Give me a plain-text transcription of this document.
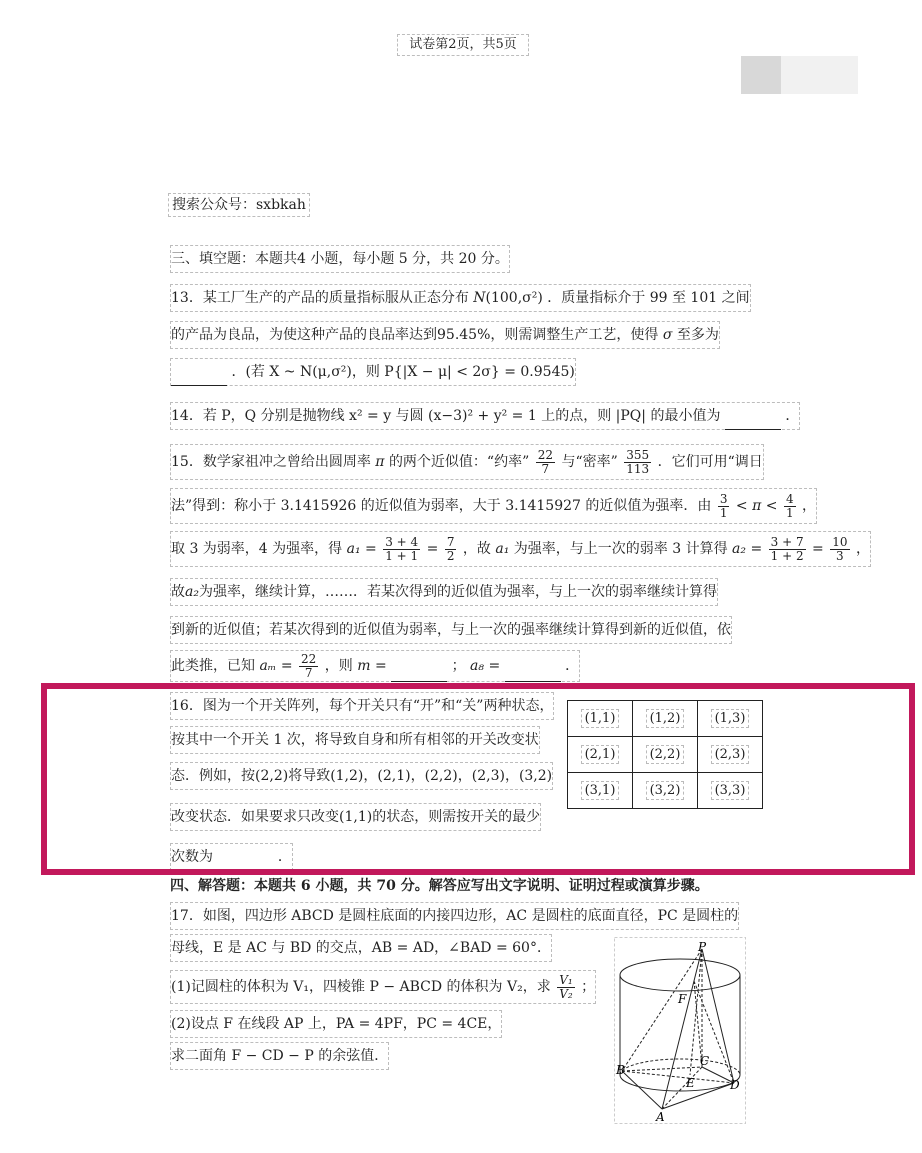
试卷第2页，共5页
搜索公众号：sxbkah
三、填空题：本题共4 小题，每小题 5 分，共 20 分。
13．某工厂生产的产品的质量指标服从正态分布 N(100,σ²) ．质量指标介于 99 至 101 之间
的产品为良品，为使这种产品的良品率达到95.45%，则需调整生产工艺，使得 σ 至多为
．(若 X ~ N(μ,σ²)，则 P{|X − μ| < 2σ} = 0.9545)
14．若 P，Q 分别是抛物线 x² = y 与圆 (x−3)² + y² = 1 上的点，则 |PQ| 的最小值为	．
15．数学家祖冲之曾给出圆周率 π 的两个近似值：“约率” $\frac{22}{7}$ 与“密率” $\frac{355}{113}$ ．它们可用“调日
法”得到：称小于 3.1415926 的近似值为弱率，大于 3.1415927 的近似值为强率．由 $\frac{3}{1} < \pi < \frac{4}{1}$ ，
取 3 为弱率，4 为强率，得 $a_1 = \frac{3 + 4}{1 + 1} = \frac{7}{2}$ ，故 a₁ 为强率，与上一次的弱率 3 计算得 $a_2 = \frac{3 + 7}{1 + 2} = \frac{10}{3}$ ，
故a₂为强率，继续计算，……．若某次得到的近似值为强率，与上一次的弱率继续计算得
到新的近似值；若某次得到的近似值为弱率，与上一次的强率继续计算得到新的近似值，依
此类推，已知 $a_m = \frac{22}{7}$ ，则 m =	； a₈ =	．
16．图为一个开关阵列，每个开关只有“开”和“关”两种状态，
按其中一个开关 1 次，将导致自身和所有相邻的开关改变状
态．例如，按(2,2)将导致(1,2)，(2,1)，(2,2)，(2,3)，(3,2)
改变状态．如果要求只改变(1,1)的状态，则需按开关的最少
次数为	．
(1,1)	(1,2)	(1,3)
(2,1)	(2,2)	(2,3)
(3,1)	(3,2)	(3,3)
四、解答题：本题共 6 小题，共 70 分。解答应写出文字说明、证明过程或演算步骤。
17．如图，四边形 ABCD 是圆柱底面的内接四边形，AC 是圆柱的底面直径，PC 是圆柱的
母线，E 是 AC 与 BD 的交点，AB = AD，∠BAD = 60°．
(1)记圆柱的体积为 V₁，四棱锥 P − ABCD 的体积为 V₂，求 $\frac{\text{V₁}}{\text{V₂}}$ ；
(2)设点 F 在线段 AP 上，PA = 4PF，PC = 4CE，
求二面角 F − CD − P 的余弦值．
P
F
C
B
E	D
A
